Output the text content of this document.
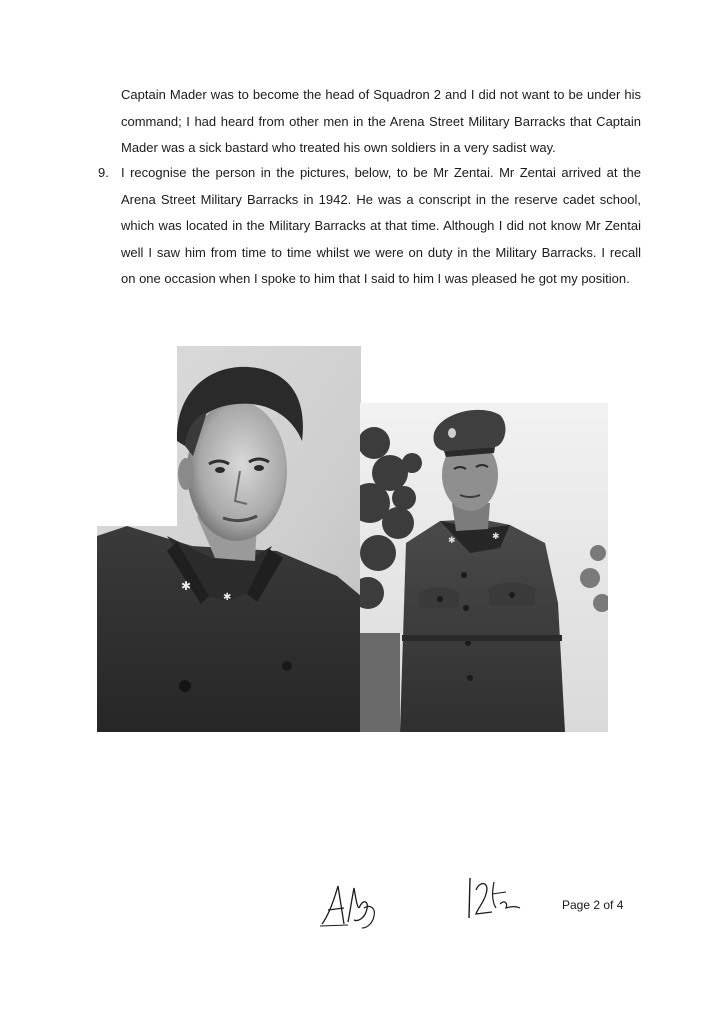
Captain Mader was to become the head of Squadron 2 and I did not want to be under his
command; I had heard from other men in the Arena Street Military Barracks that Captain
Mader was a sick bastard who treated his own soldiers in a very sadist way.
9. I recognise the person in the pictures, below, to be Mr Zentai. Mr Zentai arrived at the
Arena Street Military Barracks in 1942. He was a conscript in the reserve cadet school,
which was located in the Military Barracks at that time. Although I did not know Mr Zentai
well I saw him from time to time whilst we were on duty in the Military Barracks. I recall
on one occasion when I spoke to him that I said to him I was pleased he got my position.
✱
✱
✱	✱
Page 2 of 4
